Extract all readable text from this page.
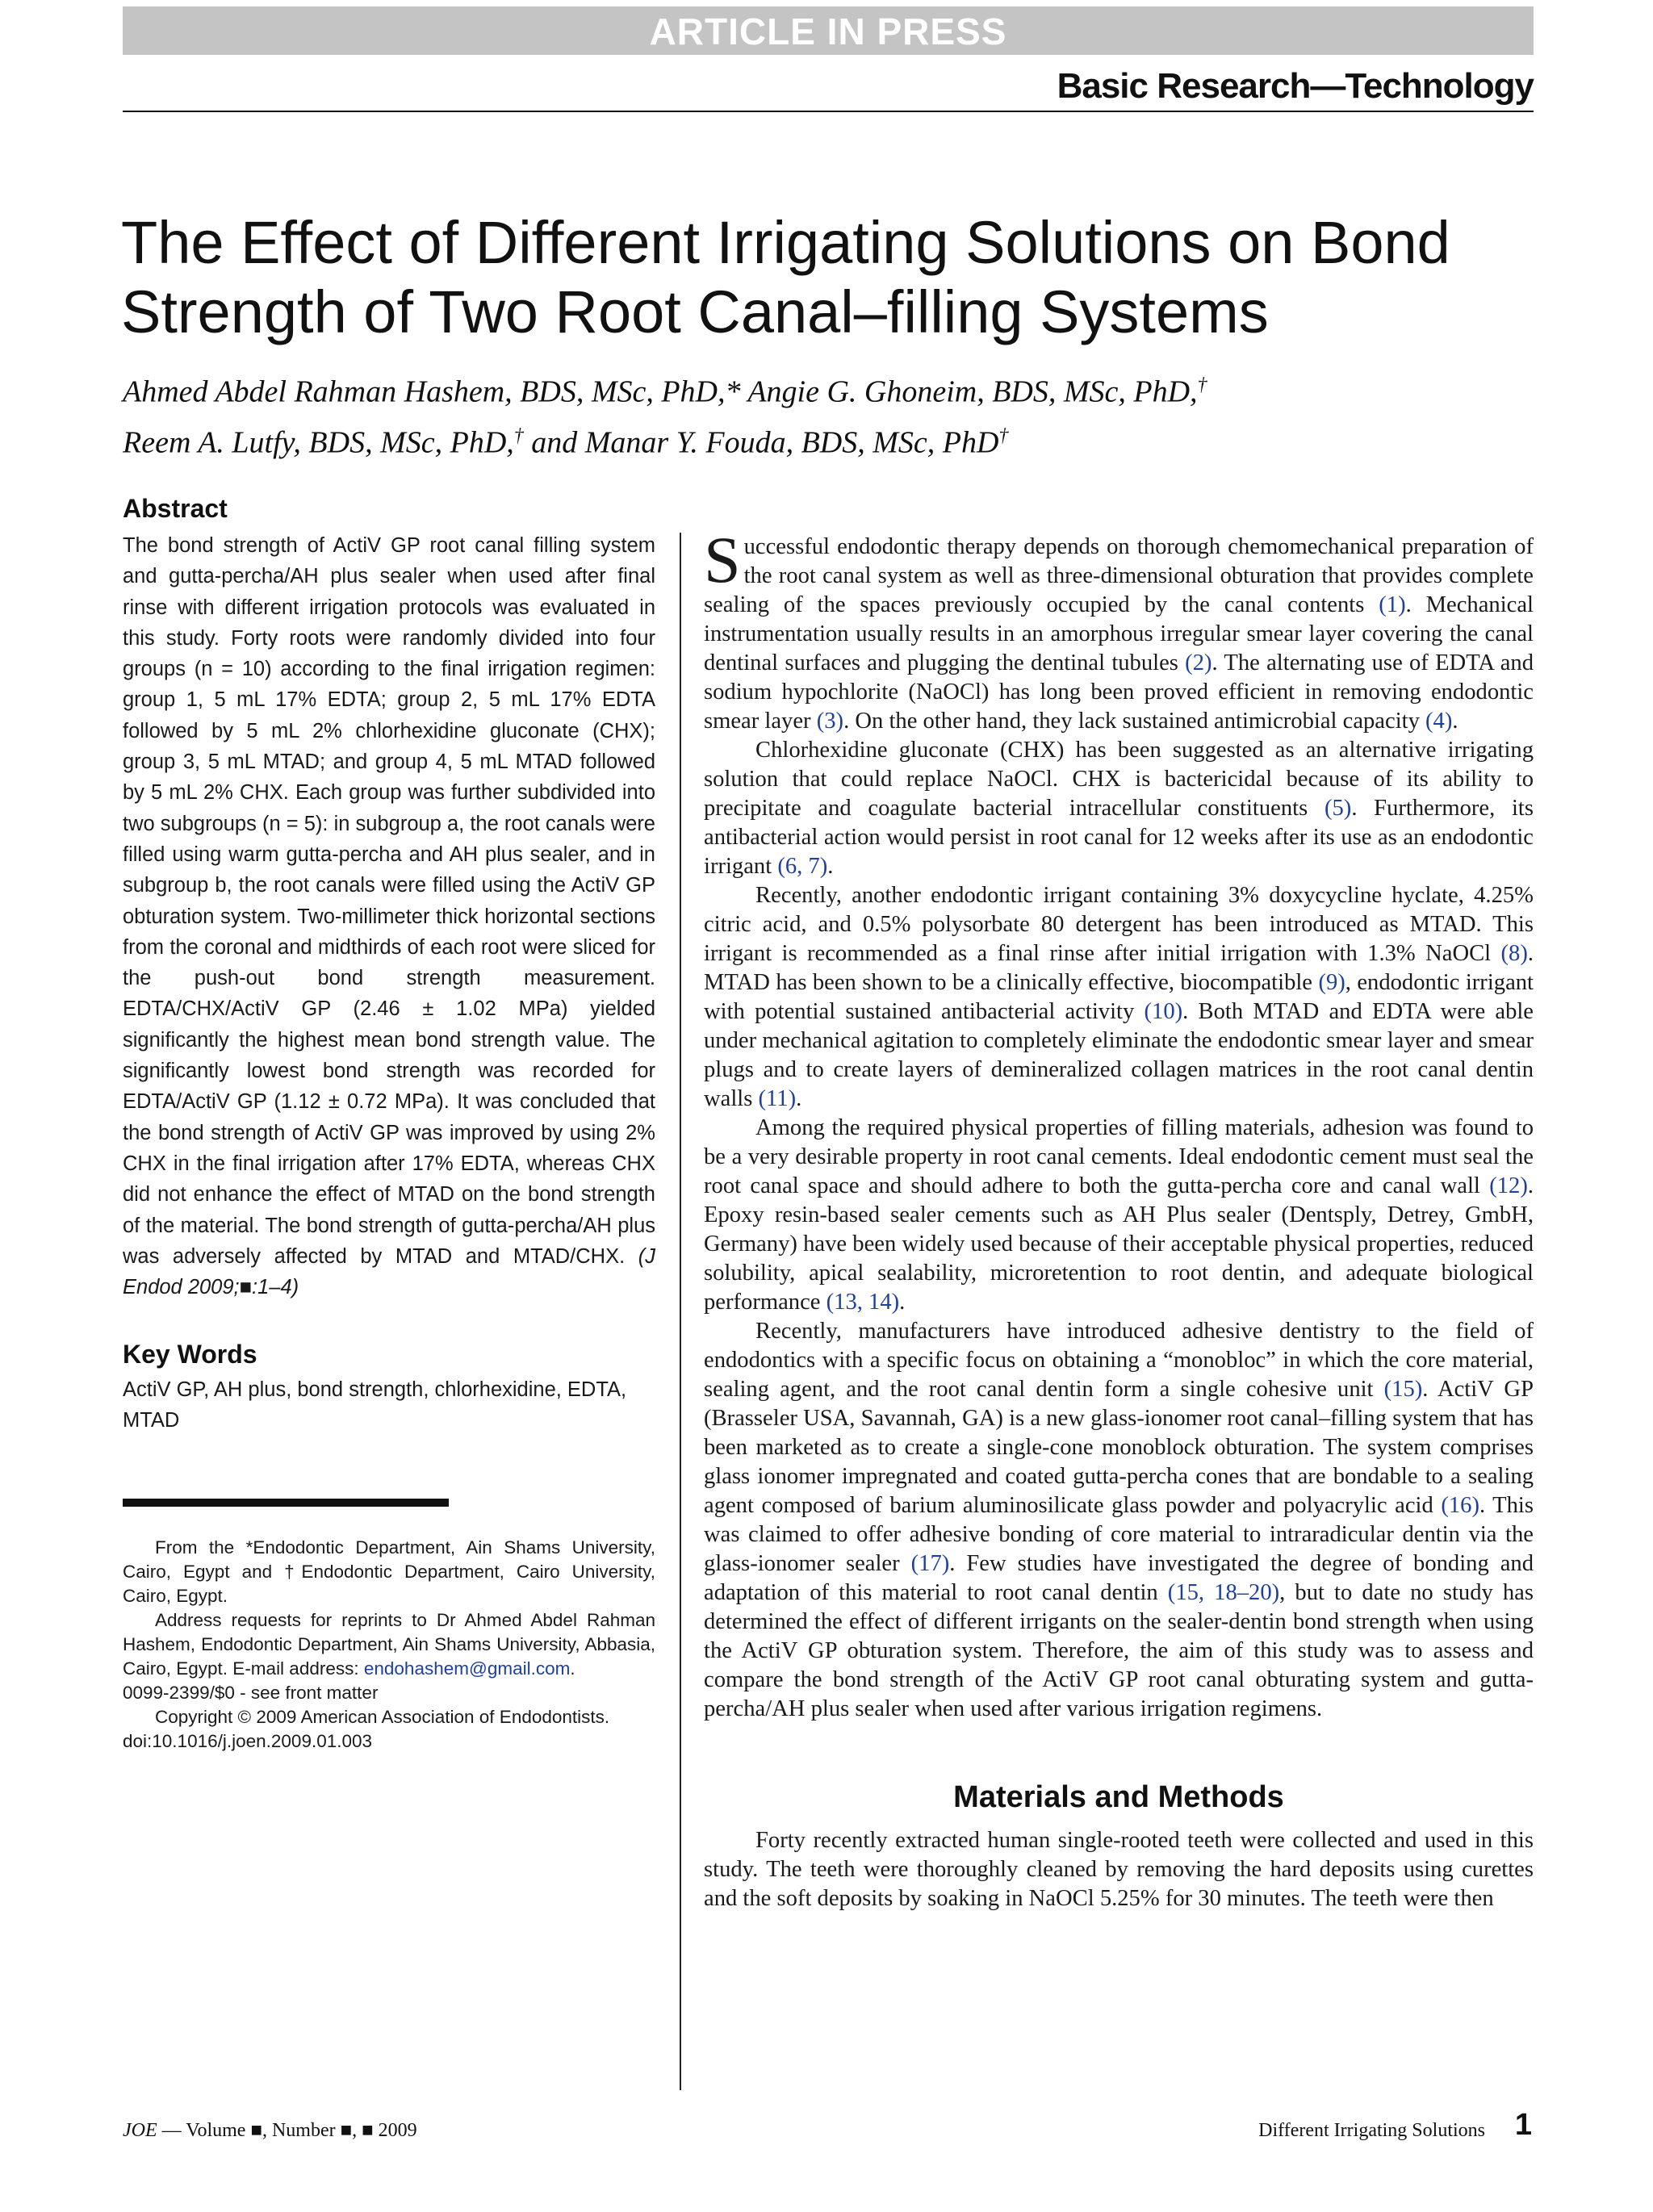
ARTICLE IN PRESS
Basic Research—Technology
The Effect of Different Irrigating Solutions on Bond Strength of Two Root Canal–filling Systems

Ahmed Abdel Rahman Hashem, BDS, MSc, PhD,* Angie G. Ghoneim, BDS, MSc, PhD,†
Reem A. Lutfy, BDS, MSc, PhD,† and Manar Y. Fouda, BDS, MSc, PhD†

Abstract

The bond strength of ActiV GP root canal filling system and gutta-percha/AH plus sealer when used after final rinse with different irrigation protocols was evaluated in this study. Forty roots were randomly divided into four groups (n = 10) according to the final irrigation regimen: group 1, 5 mL 17% EDTA; group 2, 5 mL 17% EDTA followed by 5 mL 2% chlorhexidine gluconate (CHX); group 3, 5 mL MTAD; and group 4, 5 mL MTAD followed by 5 mL 2% CHX. Each group was further subdivided into two subgroups (n = 5): in subgroup a, the root canals were filled using warm gutta-percha and AH plus sealer, and in subgroup b, the root canals were filled using the ActiV GP obturation system. Two-millimeter thick horizontal sections from the coronal and midthirds of each root were sliced for the push-out bond strength measurement. EDTA/CHX/ActiV GP (2.46 ± 1.02 MPa) yielded significantly the highest mean bond strength value. The significantly lowest bond strength was recorded for EDTA/ActiV GP (1.12 ± 0.72 MPa). It was concluded that the bond strength of ActiV GP was improved by using 2% CHX in the final irrigation after 17% EDTA, whereas CHX did not enhance the effect of MTAD on the bond strength of the material. The bond strength of gutta-percha/AH plus was adversely affected by MTAD and MTAD/CHX. (J Endod 2009;■:1–4)

Key Words

ActiV GP, AH plus, bond strength, chlorhexidine, EDTA, MTAD

From the *Endodontic Department, Ain Shams University, Cairo, Egypt and †Endodontic Department, Cairo University, Cairo, Egypt.

Address requests for reprints to Dr Ahmed Abdel Rahman Hashem, Endodontic Department, Ain Shams University, Abbasia, Cairo, Egypt. E-mail address: endohashem@gmail.com.

0099-2399/$0 - see front matter

Copyright © 2009 American Association of Endodontists.

doi:10.1016/j.joen.2009.01.003

Successful endodontic therapy depends on thorough chemomechanical preparation of the root canal system as well as three-dimensional obturation that provides complete sealing of the spaces previously occupied by the canal contents (1). Mechanical instrumentation usually results in an amorphous irregular smear layer covering the canal dentinal surfaces and plugging the dentinal tubules (2). The alternating use of EDTA and sodium hypochlorite (NaOCl) has long been proved efficient in removing endodontic smear layer (3). On the other hand, they lack sustained antimicrobial capacity (4).

Chlorhexidine gluconate (CHX) has been suggested as an alternative irrigating solution that could replace NaOCl. CHX is bactericidal because of its ability to precipitate and coagulate bacterial intracellular constituents (5). Furthermore, its antibacterial action would persist in root canal for 12 weeks after its use as an endodontic irrigant (6, 7).

Recently, another endodontic irrigant containing 3% doxycycline hyclate, 4.25% citric acid, and 0.5% polysorbate 80 detergent has been introduced as MTAD. This irrigant is recommended as a final rinse after initial irrigation with 1.3% NaOCl (8). MTAD has been shown to be a clinically effective, biocompatible (9), endodontic irrigant with potential sustained antibacterial activity (10). Both MTAD and EDTA were able under mechanical agitation to completely eliminate the endodontic smear layer and smear plugs and to create layers of demineralized collagen matrices in the root canal dentin walls (11).

Among the required physical properties of filling materials, adhesion was found to be a very desirable property in root canal cements. Ideal endodontic cement must seal the root canal space and should adhere to both the gutta-percha core and canal wall (12). Epoxy resin-based sealer cements such as AH Plus sealer (Dentsply, Detrey, GmbH, Germany) have been widely used because of their acceptable physical properties, reduced solubility, apical sealability, microretention to root dentin, and adequate biological performance (13, 14).

Recently, manufacturers have introduced adhesive dentistry to the field of endodontics with a specific focus on obtaining a “monobloc” in which the core material, sealing agent, and the root canal dentin form a single cohesive unit (15). ActiV GP (Brasseler USA, Savannah, GA) is a new glass-ionomer root canal–filling system that has been marketed as to create a single-cone monoblock obturation. The system comprises glass ionomer impregnated and coated gutta-percha cones that are bondable to a sealing agent composed of barium aluminosilicate glass powder and polyacrylic acid (16). This was claimed to offer adhesive bonding of core material to intraradicular dentin via the glass-ionomer sealer (17). Few studies have investigated the degree of bonding and adaptation of this material to root canal dentin (15, 18–20), but to date no study has determined the effect of different irrigants on the sealer-dentin bond strength when using the ActiV GP obturation system. Therefore, the aim of this study was to assess and compare the bond strength of the ActiV GP root canal obturating system and gutta-percha/AH plus sealer when used after various irrigation regimens.

Materials and Methods

Forty recently extracted human single-rooted teeth were collected and used in this study. The teeth were thoroughly cleaned by removing the hard deposits using curettes and the soft deposits by soaking in NaOCl 5.25% for 30 minutes. The teeth were then

JOE — Volume ■, Number ■, ■ 2009	Different Irrigating Solutions 1
